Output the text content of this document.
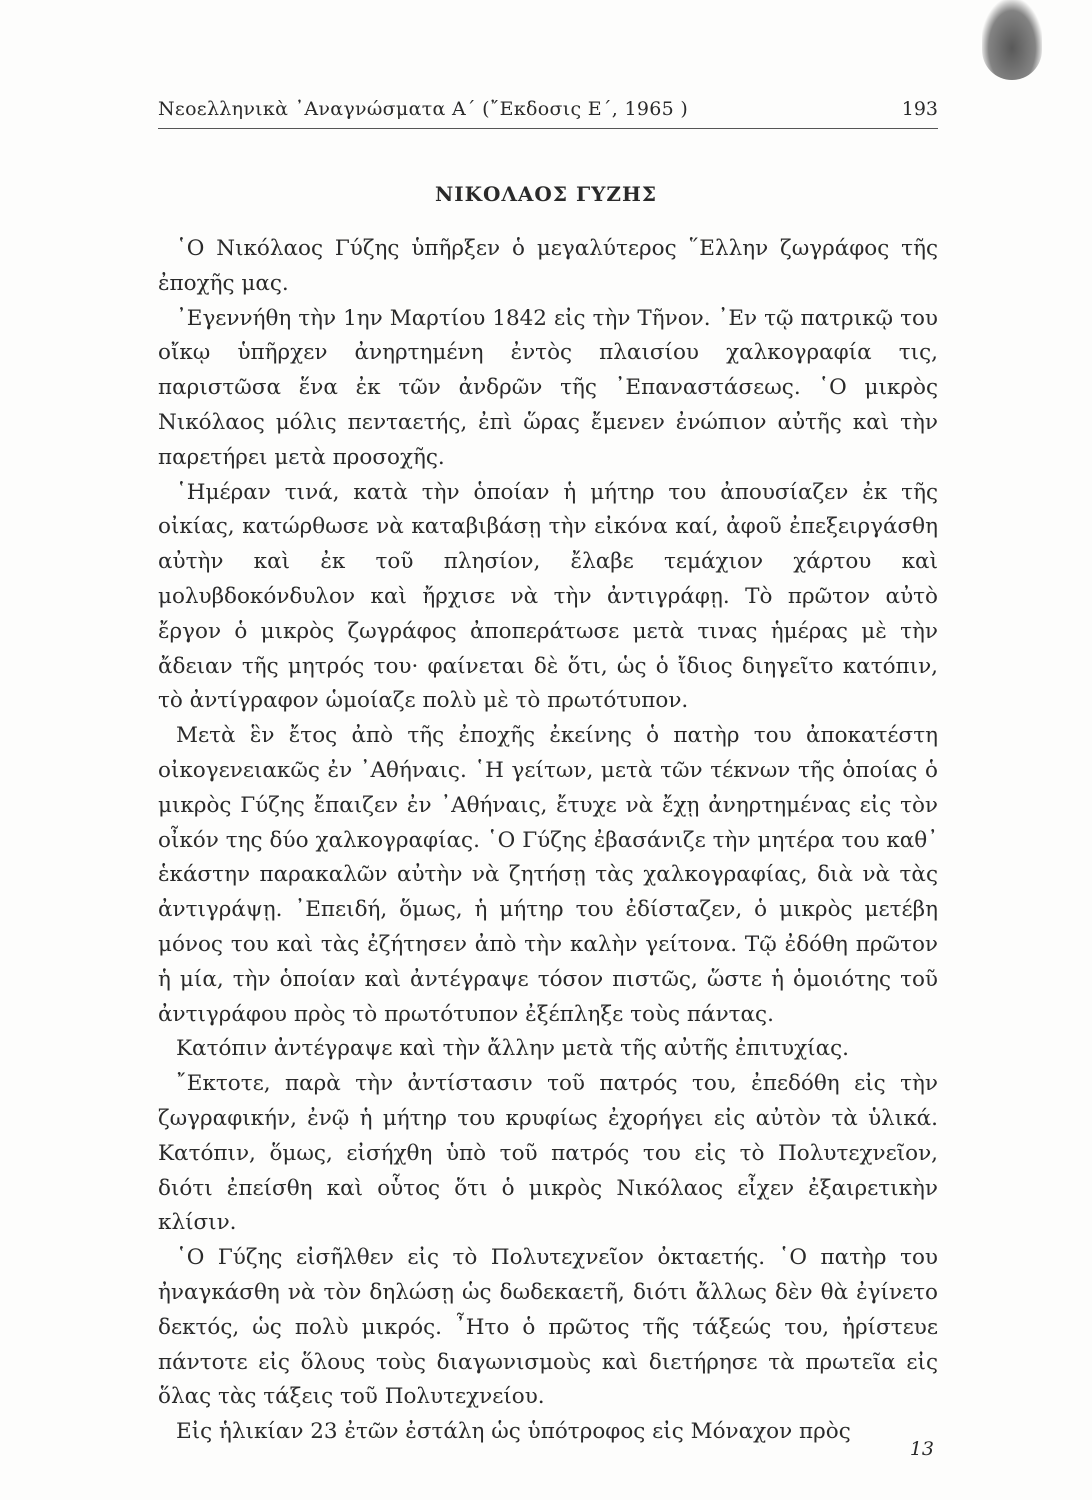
Νεοελληνικὰ ᾿Αναγνώσματα Α΄ (῎Εκδοσις Ε΄, 1965 )	193
ΝΙΚΟΛΑΟΣ ΓΥΖΗΣ

῾Ο Νικόλαος Γύζης ὑπῆρξεν ὁ μεγαλύτερος ῞Ελλην ζωγράφος τῆς ἐποχῆς μας.

᾿Εγεννήθη τὴν 1ην Μαρτίου 1842 εἰς τὴν Τῆνον. ᾿Εν τῷ πατρικῷ του οἴκῳ ὑπῆρχεν ἀνηρτημένη ἐντὸς πλαισίου χαλκογραφία τις, παριστῶσα ἕνα ἐκ τῶν ἀνδρῶν τῆς ᾿Επαναστάσεως. ῾Ο μικρὸς Νικόλαος μόλις πενταετής, ἐπὶ ὥρας ἔμενεν ἐνώπιον αὐτῆς καὶ τὴν παρετήρει μετὰ προσοχῆς.

῾Ημέραν τινά, κατὰ τὴν ὁποίαν ἡ μήτηρ του ἀπουσίαζεν ἐκ τῆς οἰκίας, κατώρθωσε νὰ καταβιβάσῃ τὴν εἰκόνα καί, ἀφοῦ ἐπεξειργάσθη αὐτὴν καὶ ἐκ τοῦ πλησίον, ἔλαβε τεμάχιον χάρτου καὶ μολυβδοκόνδυλον καὶ ἤρχισε νὰ τὴν ἀντιγράφῃ. Τὸ πρῶτον αὐτὸ ἔργον ὁ μικρὸς ζωγράφος ἀποπεράτωσε μετὰ τινας ἡμέρας μὲ τὴν ἄδειαν τῆς μητρός του· φαίνεται δὲ ὅτι, ὡς ὁ ἴδιος διηγεῖτο κατόπιν, τὸ ἀντίγραφον ὡμοίαζε πολὺ μὲ τὸ πρωτότυπον.

Μετὰ ἓν ἔτος ἀπὸ τῆς ἐποχῆς ἐκείνης ὁ πατὴρ του ἀποκατέστη οἰκογενειακῶς ἐν ᾿Αθήναις. ῾Η γείτων, μετὰ τῶν τέκνων τῆς ὁποίας ὁ μικρὸς Γύζης ἔπαιζεν ἐν ᾿Αθήναις, ἔτυχε νὰ ἔχῃ ἀνηρτημένας εἰς τὸν οἶκόν της δύο χαλκογραφίας. ῾Ο Γύζης ἐβασάνιζε τὴν μητέρα του καθ᾿ ἑκάστην παρακαλῶν αὐτὴν νὰ ζητήσῃ τὰς χαλκογραφίας, διὰ νὰ τὰς ἀντιγράψῃ. ᾿Επειδή, ὅμως, ἡ μήτηρ του ἐδίσταζεν, ὁ μικρὸς μετέβη μόνος του καὶ τὰς ἐζήτησεν ἀπὸ τὴν καλὴν γείτονα. Τῷ ἐδόθη πρῶτον ἡ μία, τὴν ὁποίαν καὶ ἀντέγραψε τόσον πιστῶς, ὥστε ἡ ὁμοιότης τοῦ ἀντιγράφου πρὸς τὸ πρωτότυπον ἐξέπληξε τοὺς πάντας.

Κατόπιν ἀντέγραψε καὶ τὴν ἄλλην μετὰ τῆς αὐτῆς ἐπιτυχίας.

῎Εκτοτε, παρὰ τὴν ἀντίστασιν τοῦ πατρός του, ἐπεδόθη εἰς τὴν ζωγραφικήν, ἐνῷ ἡ μήτηρ του κρυφίως ἐχορήγει εἰς αὐτὸν τὰ ὑλικά. Κατόπιν, ὅμως, εἰσήχθη ὑπὸ τοῦ πατρός του εἰς τὸ Πολυτεχνεῖον, διότι ἐπείσθη καὶ οὗτος ὅτι ὁ μικρὸς Νικόλαος εἶχεν ἐξαιρετικὴν κλίσιν.

῾Ο Γύζης εἰσῆλθεν εἰς τὸ Πολυτεχνεῖον ὀκταετής. ῾Ο πατὴρ του ἠναγκάσθη νὰ τὸν δηλώσῃ ὡς δωδεκαετῆ, διότι ἄλλως δὲν θὰ ἐγίνετο δεκτός, ὡς πολὺ μικρός. ῏Ητο ὁ πρῶτος τῆς τάξεώς του, ἠρίστευε πάντοτε εἰς ὅλους τοὺς διαγωνισμοὺς καὶ διετήρησε τὰ πρωτεῖα εἰς ὅλας τὰς τάξεις τοῦ Πολυτεχνείου.

Εἰς ἡλικίαν 23 ἐτῶν ἐστάλη ὡς ὑπότροφος εἰς Μόναχον πρὸς

13
